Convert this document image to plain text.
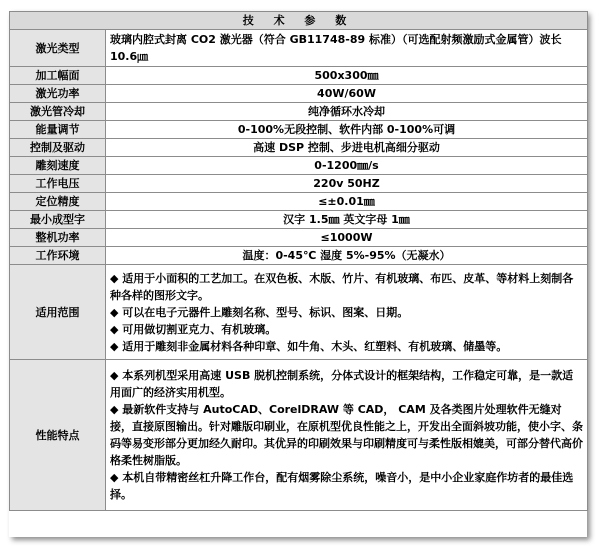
技 术 参 数	
激光类型	玻璃内腔式封离 CO2 激光器（符合 GB11748-89 标准）（可选配射频激励式金属管）波长 10.6㎛
加工幅面	500x300㎜
激光功率	40W/60W
激光管冷却	纯净循环水冷却
能量调节	0-100%无段控制、软件内部 0-100%可调
控制及驱动	高速 DSP 控制、步进电机高细分驱动
雕刻速度	0-1200㎜/s
工作电压	220v 50HZ
定位精度	≤±0.01㎜
最小成型字	汉字 1.5㎜ 英文字母 1㎜
整机功率	≤1000W
工作环境	温度：0-45℃ 湿度 5%-95%（无凝水）
适用范围	◆ 适用于小面积的工艺加工。在双色板、木版、竹片、有机玻璃、布匹、皮革、等材料上刻制各种各样的图形文字。
◆ 可以在电子元器件上雕刻名称、型号、标识、图案、日期。
◆ 可用做切割亚克力、有机玻璃。
◆ 适用于雕刻非金属材料各种印章、如牛角、木头、红塑料、有机玻璃、储墨等。

性能特点	◆ 本系列机型采用高速 USB 脱机控制系统，分体式设计的框架结构，工作稳定可靠，是一款适用面广的经济实用机型。
◆ 最新软件支持与 AutoCAD、CorelDRAW 等 CAD， CAM 及各类图片处理软件无缝对接，直接原图输出。针对雕版印刷业，在原机型优良性能之上，开发出全面斜坡功能，使小字、条码等易变形部分更加经久耐印。其优异的印刷效果与印刷精度可与柔性版相媲美，可部分替代高价格柔性树脂版。
◆ 本机自带精密丝杠升降工作台，配有烟雾除尘系统，噪音小，是中小企业家庭作坊者的最佳选择。
